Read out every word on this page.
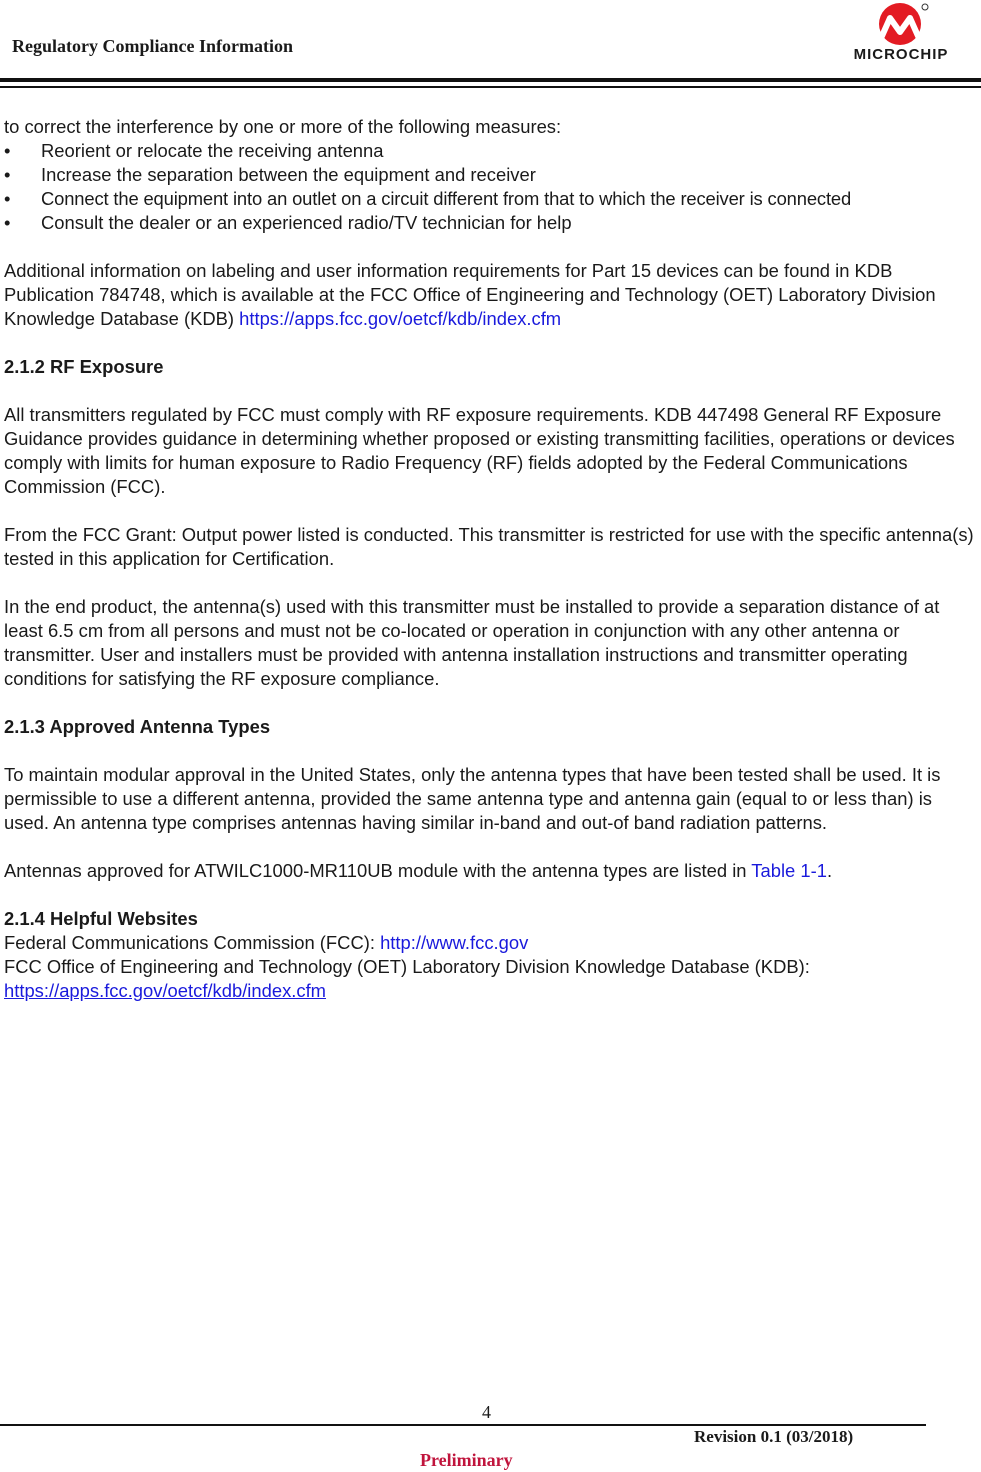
Regulatory Compliance Information	MICROCHIP

to correct the interference by one or more of the following measures:

• Reorient or relocate the receiving antenna
• Increase the separation between the equipment and receiver
• Connect the equipment into an outlet on a circuit different from that to which the receiver is connected
• Consult the dealer or an experienced radio/TV technician for help

Additional information on labeling and user information requirements for Part 15 devices can be found in KDB Publication 784748, which is available at the FCC Office of Engineering and Technology (OET) Laboratory Division Knowledge Database (KDB) https://apps.fcc.gov/oetcf/kdb/index.cfm

2.1.2 RF Exposure

All transmitters regulated by FCC must comply with RF exposure requirements. KDB 447498 General RF Exposure Guidance provides guidance in determining whether proposed or existing transmitting facilities, operations or devices comply with limits for human exposure to Radio Frequency (RF) fields adopted by the Federal Communications Commission (FCC).

From the FCC Grant: Output power listed is conducted. This transmitter is restricted for use with the specific antenna(s) tested in this application for Certification.

In the end product, the antenna(s) used with this transmitter must be installed to provide a separation distance of at least 6.5 cm from all persons and must not be co-located or operation in conjunction with any other antenna or transmitter. User and installers must be provided with antenna installation instructions and transmitter operating conditions for satisfying the RF exposure compliance.

2.1.3 Approved Antenna Types

To maintain modular approval in the United States, only the antenna types that have been tested shall be used. It is permissible to use a different antenna, provided the same antenna type and antenna gain (equal to or less than) is used. An antenna type comprises antennas having similar in-band and out-of band radiation patterns.

Antennas approved for ATWILC1000-MR110UB module with the antenna types are listed in Table 1-1.

2.1.4 Helpful Websites

Federal Communications Commission (FCC): http://www.fcc.gov

FCC Office of Engineering and Technology (OET) Laboratory Division Knowledge Database (KDB):

https://apps.fcc.gov/oetcf/kdb/index.cfm

4
Revision 0.1 (03/2018)
Preliminary
